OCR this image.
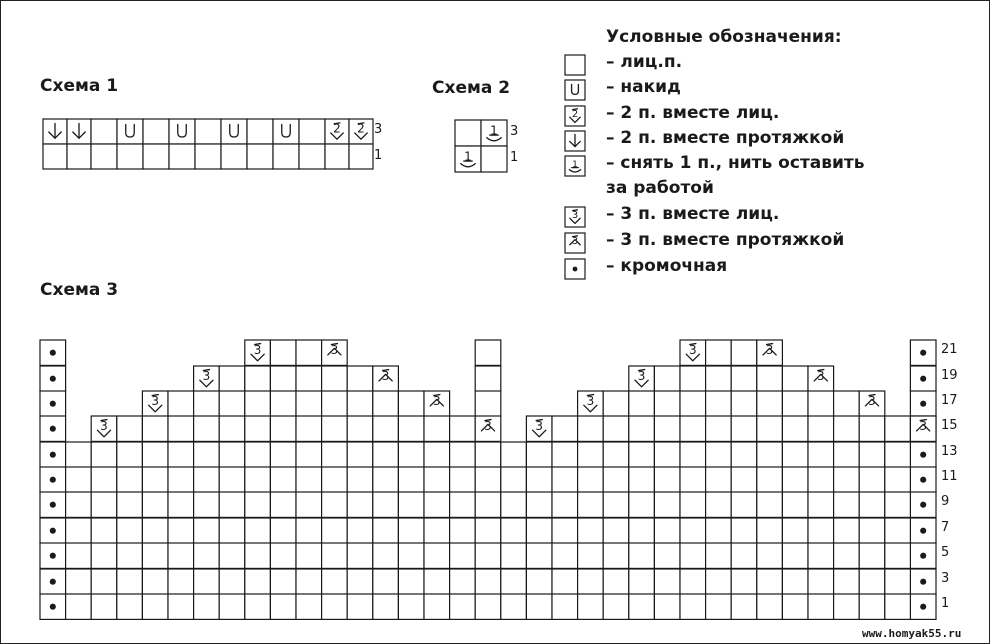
2 2	1
1
2
1
3
3
3	3	3	3
3	3	3	3
3	3	3	3
3	3	3	3
Схема 1	Схема 2
Схема 3
Условные обозначения:
– лиц.п.
– накид
– 2 п. вместе лиц.
– 2 п. вместе протяжкой
– снять 1 п., нить оставить
за работой
– 3 п. вместе лиц.
– 3 п. вместе протяжкой
– кромочная
3
1
3
1
21
19
17
15
13
11
9
7
5
3
1
www.homyak55.ru
